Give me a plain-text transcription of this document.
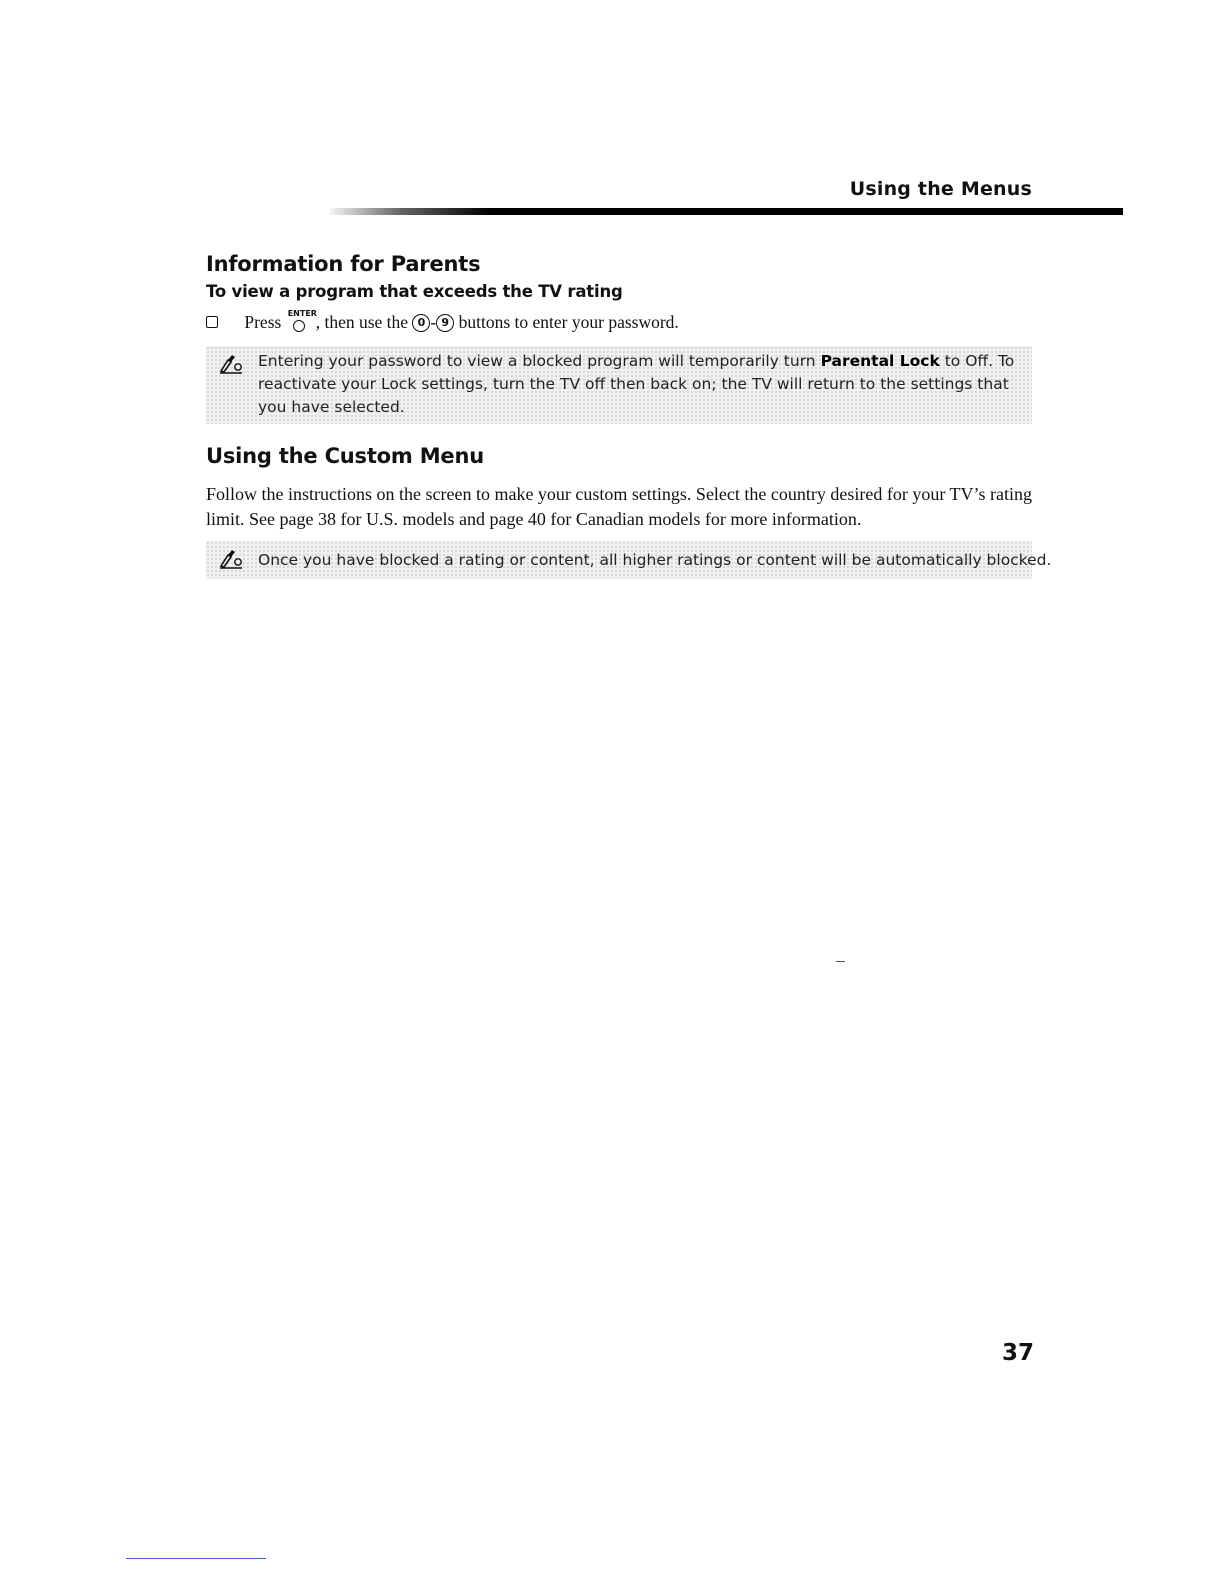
Using the Menus
Information for Parents
To view a program that exceeds the TV rating
Press ENTER
, then use the 0 - 9 buttons to enter your password.
Entering your password to view a blocked program will temporarily turn Parental Lock to Off. To reactivate your Lock settings, turn the TV off then back on; the TV will return to the settings that you have selected.
Using the Custom Menu
Follow the instructions on the screen to make your custom settings. Select the country desired for your TV’s rating limit. See page 38 for U.S. models and page 40 for Canadian models for more information.
Once you have blocked a rating or content, all higher ratings or content will be automatically blocked.
37
